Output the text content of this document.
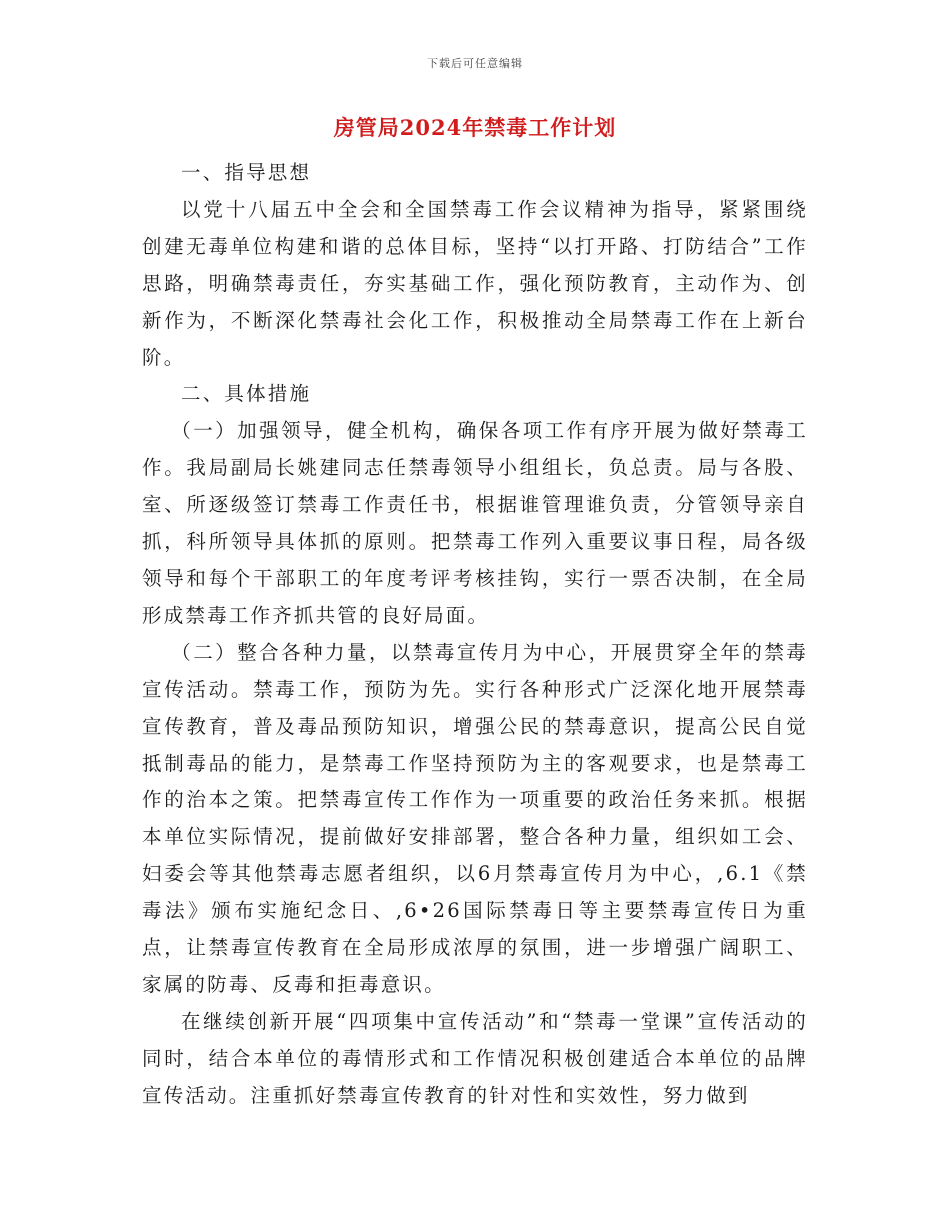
下载后可任意编辑
房管局2024年禁毒工作计划

一、指导思想

以党十八届五中全会和全国禁毒工作会议精神为指导，紧紧围绕创建无毒单位构建和谐的总体目标，坚持“以打开路、打防结合”工作思路，明确禁毒责任，夯实基础工作，强化预防教育，主动作为、创新作为，不断深化禁毒社会化工作，积极推动全局禁毒工作在上新台阶。

二、具体措施

（一）加强领导，健全机构，确保各项工作有序开展为做好禁毒工作。我局副局长姚建同志任禁毒领导小组组长，负总责。局与各股、室、所逐级签订禁毒工作责任书，根据谁管理谁负责，分管领导亲自抓，科所领导具体抓的原则。把禁毒工作列入重要议事日程，局各级领导和每个干部职工的年度考评考核挂钩，实行一票否决制，在全局形成禁毒工作齐抓共管的良好局面。

（二）整合各种力量，以禁毒宣传月为中心，开展贯穿全年的禁毒宣传活动。禁毒工作，预防为先。实行各种形式广泛深化地开展禁毒宣传教育，普及毒品预防知识，增强公民的禁毒意识，提高公民自觉抵制毒品的能力，是禁毒工作坚持预防为主的客观要求，也是禁毒工作的治本之策。把禁毒宣传工作作为一项重要的政治任务来抓。根据本单位实际情况，提前做好安排部署，整合各种力量，组织如工会、妇委会等其他禁毒志愿者组织，以6月禁毒宣传月为中心，,6.1《禁毒法》颁布实施纪念日、,6•26国际禁毒日等主要禁毒宣传日为重点，让禁毒宣传教育在全局形成浓厚的氛围，进一步增强广阔职工、家属的防毒、反毒和拒毒意识。

在继续创新开展“四项集中宣传活动”和“禁毒一堂课”宣传活动的同时，结合本单位的毒情形式和工作情况积极创建适合本单位的品牌宣传活动。注重抓好禁毒宣传教育的针对性和实效性，努力做到
